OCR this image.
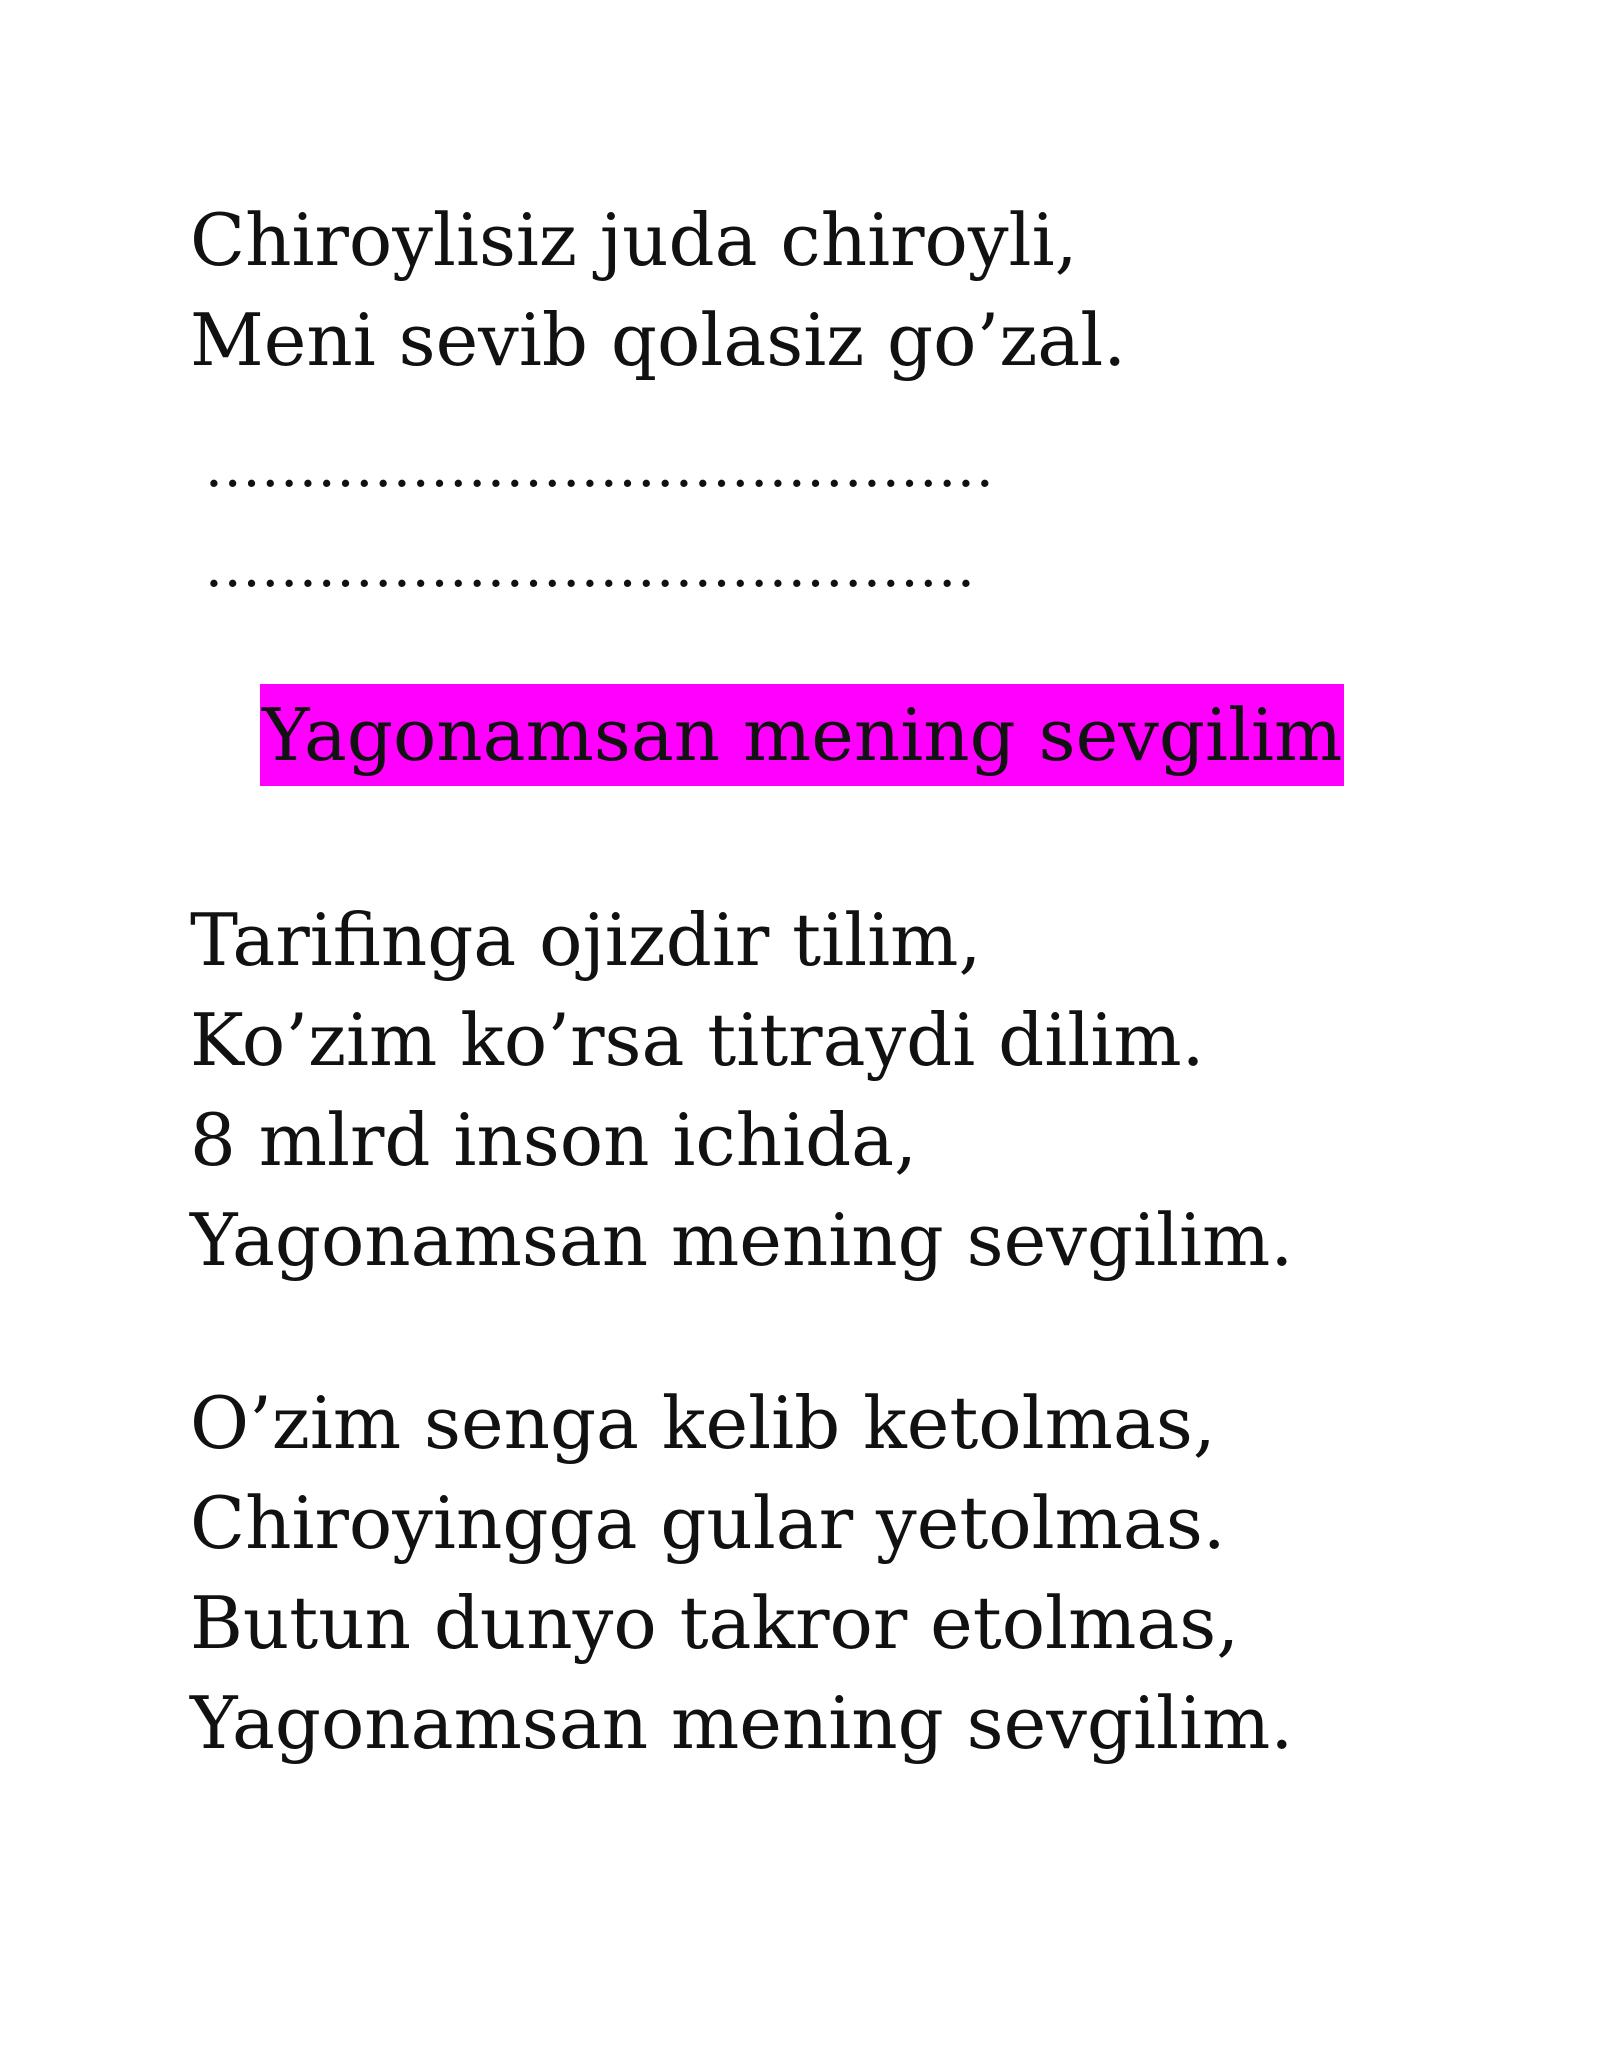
Chiroylisiz juda chiroyli,
Meni sevib qolasiz go’zal.

..........................................
.........................................
Yagonamsan mening sevgilim

Tarifinga ojizdir tilim,
Ko’zim ko’rsa titraydi dilim.
8 mlrd inson ichida,
Yagonamsan mening sevgilim.

O’zim senga kelib ketolmas,
Chiroyingga gular yetolmas.
Butun dunyo takror etolmas,
Yagonamsan mening sevgilim.
